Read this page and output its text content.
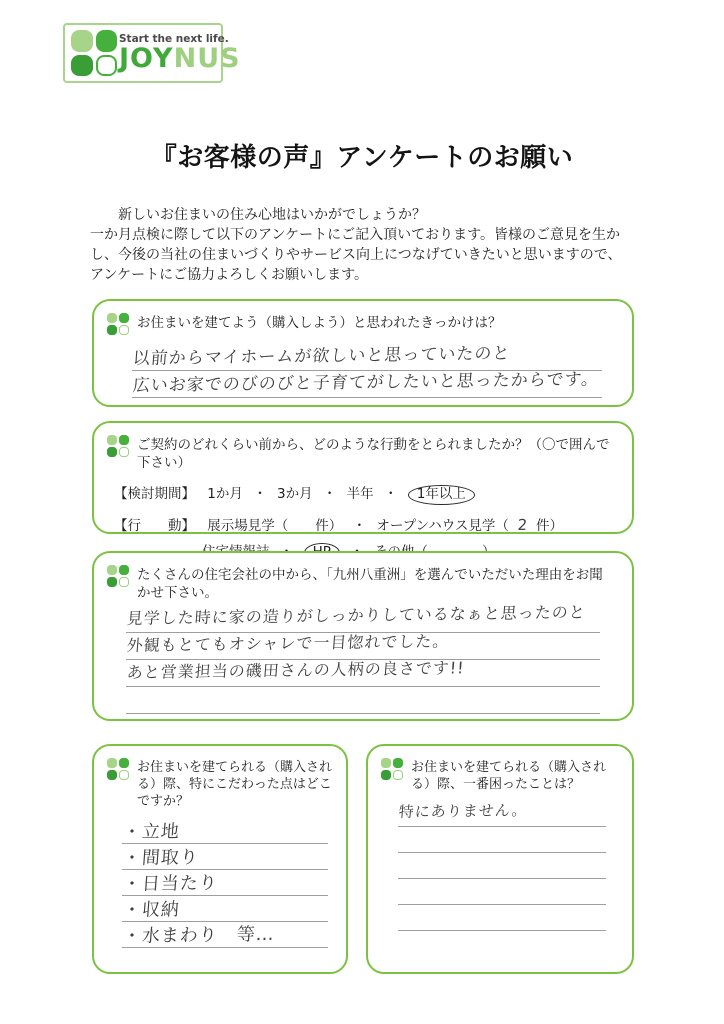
Start the next life.
JOYNUS
『お客様の声』アンケートのお願い
新しいお住まいの住み心地はいかがでしょうか？
一か月点検に際して以下のアンケートにご記入頂いております。皆様のご意見を生か
し、今後の当社の住まいづくりやサービス向上につなげていきたいと思いますので、
アンケートにご協力よろしくお願いします。
お住まいを建てよう（購入しよう）と思われたきっかけは？
以前からマイホームが欲しいと思っていたのと
広いお家でのびのびと子育てがしたいと思ったからです。
ご契約のどれくらい前から、どのような行動をとられましたか？（〇で囲んで下さい）
【検討期間】 1か月 ・ 3か月 ・ 半年 ・ 1年以上
【行　　動】 展示場見学（　　件） ・ オープンハウス見学（ 2 件）
たくさんの住宅会社の中から、「九州八重洲」を選んでいただいた理由をお聞かせ下さい。
見学した時に家の造りがしっかりしているなぁと思ったのと
外観もとてもオシャレで一目惚れでした。
あと営業担当の磯田さんの人柄の良さです!!
お住まいを建てられる（購入される）際、特にこだわった点はどこですか？
・立地
・間取り
・日当たり
・収納
・水まわり　等…
お住まいを建てられる（購入される）際、一番困ったことは？
特にありません。
